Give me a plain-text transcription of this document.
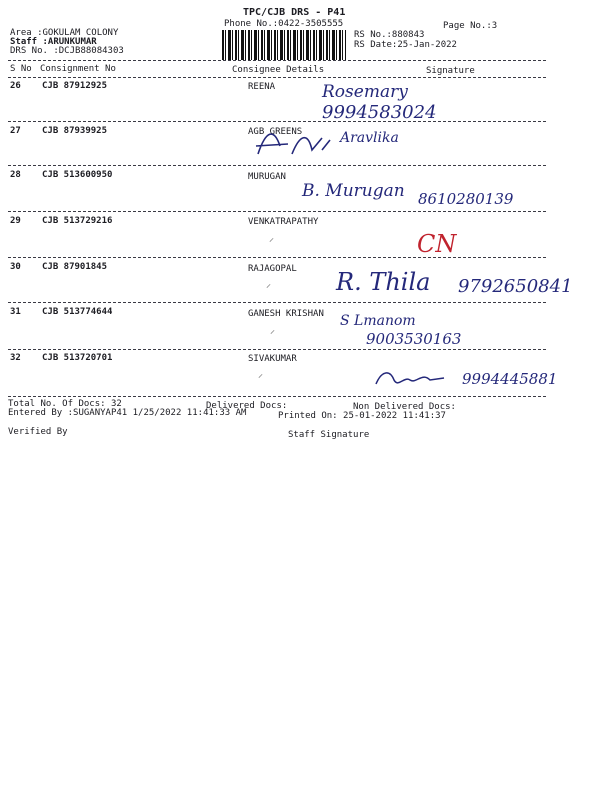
TPC/CJB DRS - P41
Phone No.:0422-3505555	Page No.:3
Area :GOKULAM COLONY
Staff :ARUNKUMAR
DRS No. :DCJB88084303
RS No.:880843
RS Date:25-Jan-2022
S No Consignment No	Consignee Details	Signature
26 CJB 87912925	REENA	Rosemary
9994583024
27 CJB 87939925	AGB GREENS	Aravlika
28 CJB 513600950	MURUGAN
B. Murugan 8610280139
29 CJB 513729216	VENKATRAPATHY
⸝	CN
30 CJB 87901845	RAJAGOPAL
⸝	R. Thila 9792650841
31 CJB 513774644	GANESH KRISHAN
⸝
S Lmanom
9003530163
32 CJB 513720701	SIVAKUMAR
⸝	9994445881
Total No. Of Docs: 32	Delivered Docs:	Non Delivered Docs:
Entered By :SUGANYAP41 1/25/2022 11:41:33 AM	Printed On: 25-01-2022 11:41:37
Verified By	Staff Signature
